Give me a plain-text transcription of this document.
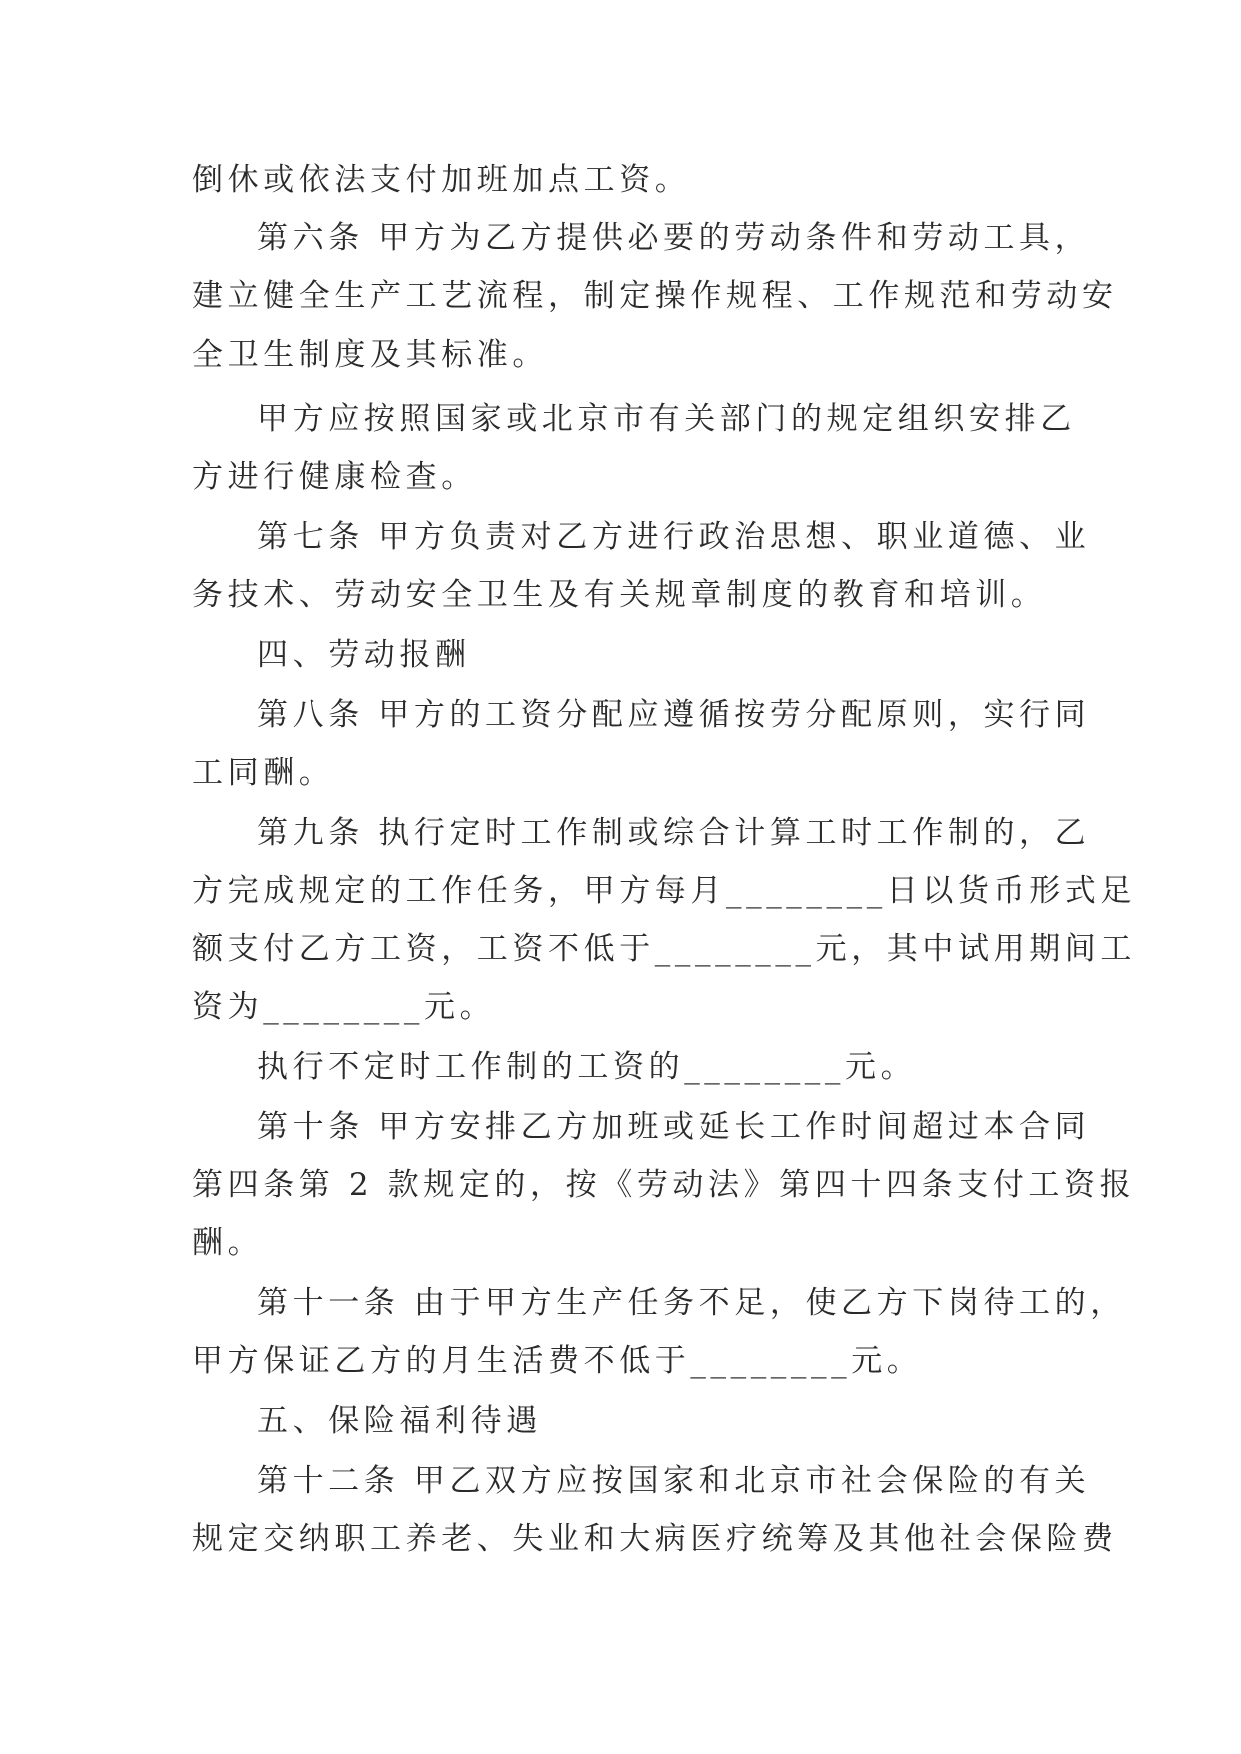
倒休或依法支付加班加点工资。
第六条 甲方为乙方提供必要的劳动条件和劳动工具，
建立健全生产工艺流程，制定操作规程、工作规范和劳动安
全卫生制度及其标准。
甲方应按照国家或北京市有关部门的规定组织安排乙
方进行健康检查。
第七条 甲方负责对乙方进行政治思想、职业道德、业
务技术、劳动安全卫生及有关规章制度的教育和培训。
四、劳动报酬
第八条 甲方的工资分配应遵循按劳分配原则，实行同
工同酬。
第九条 执行定时工作制或综合计算工时工作制的，乙
方完成规定的工作任务，甲方每月________日以货币形式足
额支付乙方工资，工资不低于________元，其中试用期间工
资为________元。
执行不定时工作制的工资的________元。
第十条 甲方安排乙方加班或延长工作时间超过本合同
第四条第 2 款规定的，按《劳动法》第四十四条支付工资报
酬。
第十一条 由于甲方生产任务不足，使乙方下岗待工的，
甲方保证乙方的月生活费不低于________元。
五、保险福利待遇
第十二条 甲乙双方应按国家和北京市社会保险的有关
规定交纳职工养老、失业和大病医疗统筹及其他社会保险费
